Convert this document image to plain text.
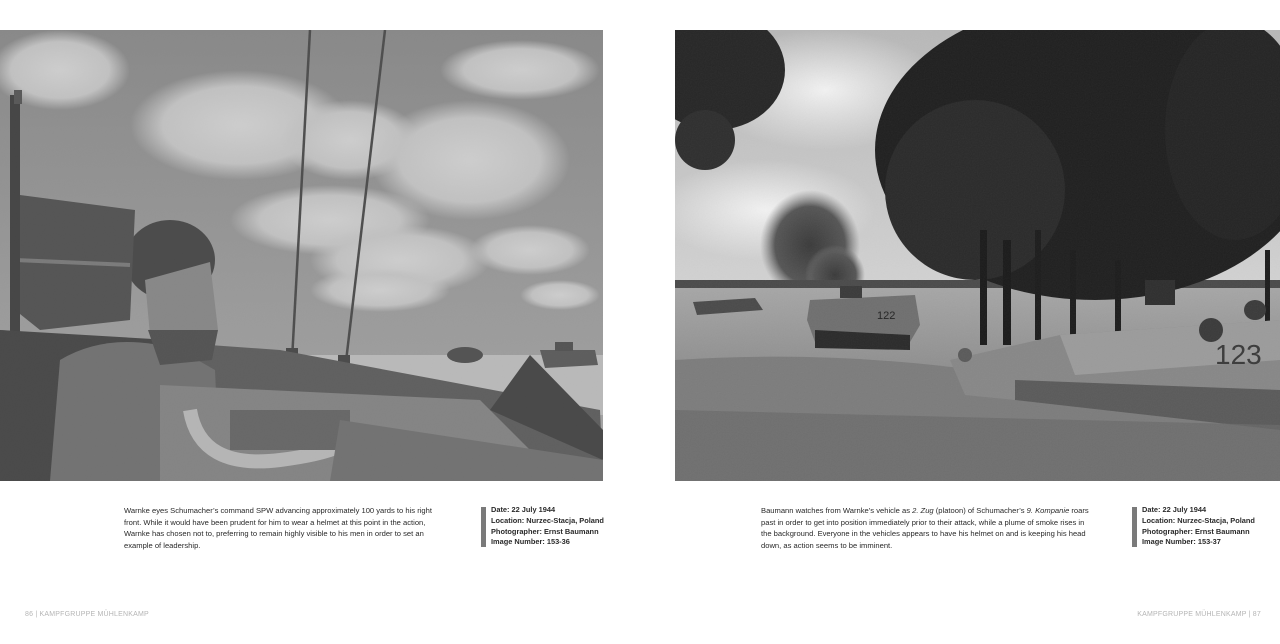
Warnke eyes Schumacher’s command SPW advancing approximately 100 yards to his right front. While it would have been prudent for him to wear a helmet at this point in the action, Warnke has chosen not to, preferring to remain highly visible to his men in order to set an example of leadership.
Date: 22 July 1944
Location: Nurzec-Stacja, Poland
Photographer: Ernst Baumann
Image Number: 153-36
86 | KAMPFGRUPPE MÜHLENKAMP
122
123
Baumann watches from Warnke’s vehicle as 2. Zug (platoon) of Schumacher’s 9. Kompanie roars past in order to get into position immediately prior to their attack, while a plume of smoke rises in the background. Everyone in the vehicles appears to have his helmet on and is keeping his head down, as action seems to be imminent.
Date: 22 July 1944
Location: Nurzec-Stacja, Poland
Photographer: Ernst Baumann
Image Number: 153-37
KAMPFGRUPPE MÜHLENKAMP | 87
